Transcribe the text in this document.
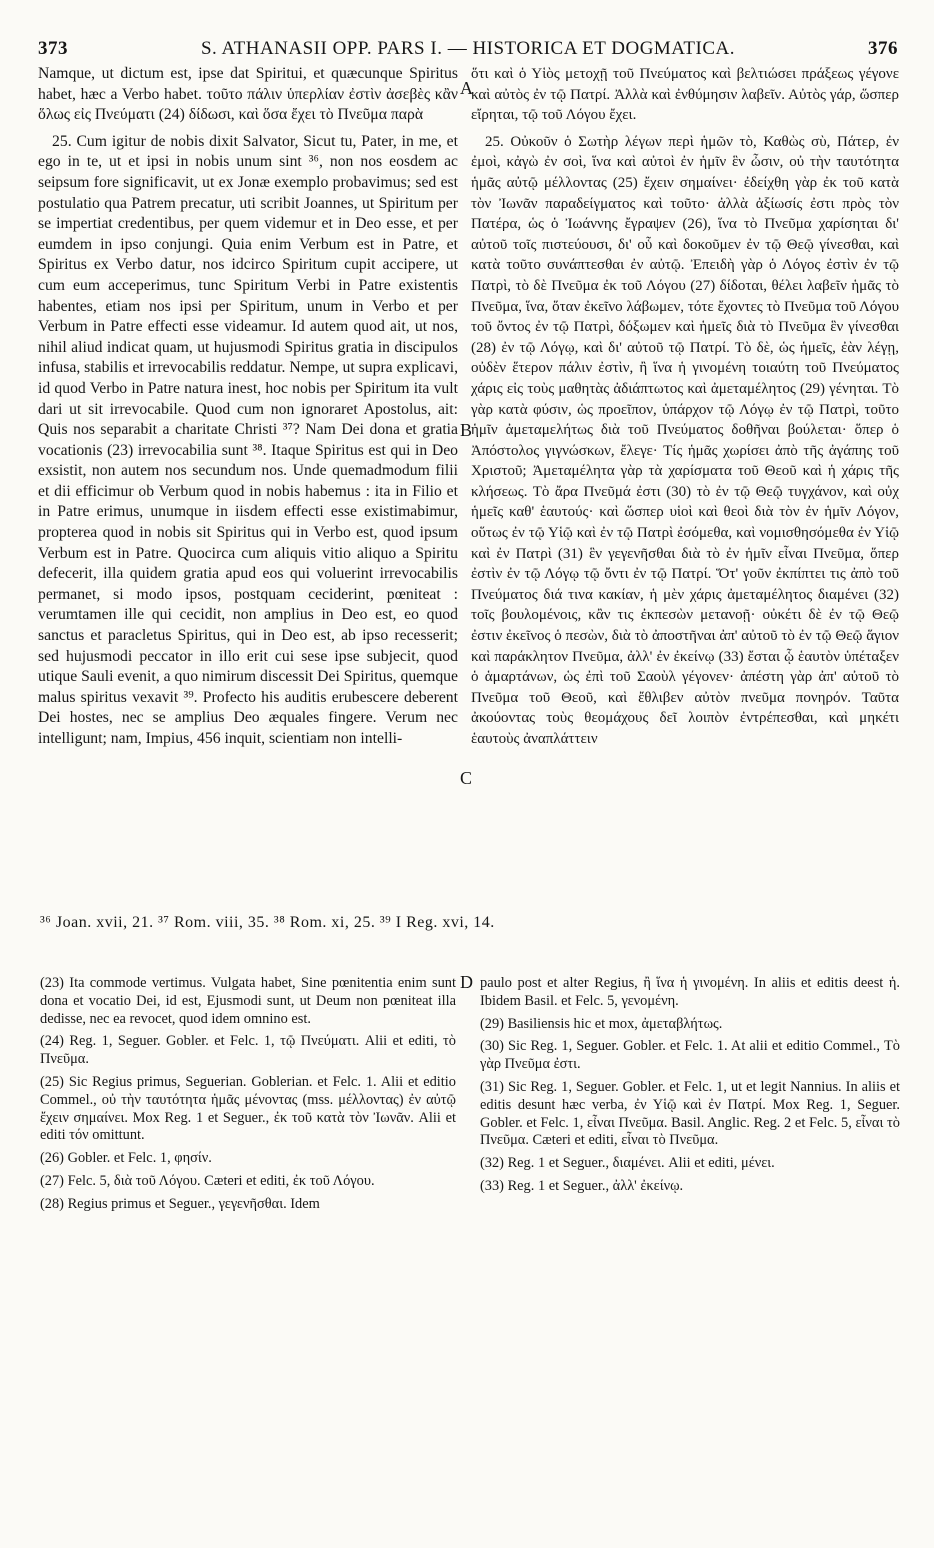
373	S. ATHANASII OPP. PARS I. — HISTORICA ET DOGMATICA.	376

Namque, ut dictum est, ipse dat Spiritui, et quæcunque Spiritus habet, hæc a Verbo habet. τοῦτο πάλιν ὑπερλίαν ἐστὶν ἀσεβὲς κἂν ὅλως εἰς Πνεύματι (24) δίδωσι, καὶ ὅσα ἔχει τὸ Πνεῦμα παρὰ

25. Cum igitur de nobis dixit Salvator, Sicut tu, Pater, in me, et ego in te, ut et ipsi in nobis unum sint ³⁶, non nos eosdem ac seipsum fore significavit, ut ex Jonæ exemplo probavimus; sed est postulatio qua Patrem precatur, uti scribit Joannes, ut Spiritum per se impertiat credentibus, per quem videmur et in Deo esse, et per eumdem in ipso conjungi. Quia enim Verbum est in Patre, et Spiritus ex Verbo datur, nos idcirco Spiritum cupit accipere, ut cum eum acceperimus, tunc Spiritum Verbi in Patre existentis habentes, etiam nos ipsi per Spiritum, unum in Verbo et per Verbum in Patre effecti esse videamur. Id autem quod ait, ut nos, nihil aliud indicat quam, ut hujusmodi Spiritus gratia in discipulos infusa, stabilis et irrevocabilis reddatur. Nempe, ut supra explicavi, id quod Verbo in Patre natura inest, hoc nobis per Spiritum ita vult dari ut sit irrevocabile. Quod cum non ignoraret Apostolus, ait: Quis nos separabit a charitate Christi ³⁷? Nam Dei dona et gratia vocationis (23) irrevocabilia sunt ³⁸. Itaque Spiritus est qui in Deo exsistit, non autem nos secundum nos. Unde quemadmodum filii et dii efficimur ob Verbum quod in nobis habemus : ita in Filio et in Patre erimus, unumque in iisdem effecti esse existimabimur, propterea quod in nobis sit Spiritus qui in Verbo est, quod ipsum Verbum est in Patre. Quocirca cum aliquis vitio aliquo a Spiritu defecerit, illa quidem gratia apud eos qui voluerint irrevocabilis permanet, si modo ipsos, postquam ceciderint, pœniteat : verumtamen ille qui cecidit, non amplius in Deo est, eo quod sanctus et paracletus Spiritus, qui in Deo est, ab ipso recesserit; sed hujusmodi peccator in illo erit cui sese ipse subjecit, quod utique Sauli evenit, a quo nimirum discessit Dei Spiritus, quemque malus spiritus vexavit ³⁹. Profecto his auditis erubescere deberent Dei hostes, nec se amplius Deo æquales fingere. Verum nec intelligunt; nam, Impius, 456 inquit, scientiam non intelli-

A
B
C
D

ὅτι καὶ ὁ Υἱὸς μετοχῇ τοῦ Πνεύματος καὶ βελτιώσει πράξεως γέγονε καὶ αὐτὸς ἐν τῷ Πατρί. Ἀλλὰ καὶ ἐνθύμησιν λαβεῖν. Αὐτὸς γάρ, ὥσπερ εἴρηται, τῷ τοῦ Λόγου ἔχει.

25. Οὐκοῦν ὁ Σωτὴρ λέγων περὶ ἡμῶν τὸ, Καθὼς σὺ, Πάτερ, ἐν ἐμοὶ, κἀγὼ ἐν σοὶ, ἵνα καὶ αὐτοὶ ἐν ἡμῖν ἓν ὦσιν, οὐ τὴν ταυτότητα ἡμᾶς αὐτῷ μέλλοντας (25) ἔχειν σημαίνει· ἐδείχθη γὰρ ἐκ τοῦ κατὰ τὸν Ἰωνᾶν παραδείγματος καὶ τοῦτο· ἀλλὰ ἀξίωσίς ἐστι πρὸς τὸν Πατέρα, ὡς ὁ Ἰωάννης ἔγραψεν (26), ἵνα τὸ Πνεῦμα χαρίσηται δι' αὐτοῦ τοῖς πιστεύουσι, δι' οὗ καὶ δοκοῦμεν ἐν τῷ Θεῷ γίνεσθαι, καὶ κατὰ τοῦτο συνάπτεσθαι ἐν αὐτῷ. Ἐπειδὴ γὰρ ὁ Λόγος ἐστὶν ἐν τῷ Πατρὶ, τὸ δὲ Πνεῦμα ἐκ τοῦ Λόγου (27) δίδοται, θέλει λαβεῖν ἡμᾶς τὸ Πνεῦμα, ἵνα, ὅταν ἐκεῖνο λάβωμεν, τότε ἔχοντες τὸ Πνεῦμα τοῦ Λόγου τοῦ ὄντος ἐν τῷ Πατρὶ, δόξωμεν καὶ ἡμεῖς διὰ τὸ Πνεῦμα ἓν γίνεσθαι (28) ἐν τῷ Λόγῳ, καὶ δι' αὐτοῦ τῷ Πατρί. Τὸ δὲ, ὡς ἡμεῖς, ἐὰν λέγῃ, οὐδὲν ἕτερον πάλιν ἐστὶν, ἢ ἵνα ἡ γινομένη τοιαύτη τοῦ Πνεύματος χάρις εἰς τοὺς μαθητὰς ἀδιάπτωτος καὶ ἀμεταμέλητος (29) γένηται. Τὸ γὰρ κατὰ φύσιν, ὡς προεῖπον, ὑπάρχον τῷ Λόγῳ ἐν τῷ Πατρὶ, τοῦτο ἡμῖν ἀμεταμελήτως διὰ τοῦ Πνεύματος δοθῆναι βούλεται· ὅπερ ὁ Ἀπόστολος γιγνώσκων, ἔλεγε· Τίς ἡμᾶς χωρίσει ἀπὸ τῆς ἀγάπης τοῦ Χριστοῦ; Ἀμεταμέλητα γὰρ τὰ χαρίσματα τοῦ Θεοῦ καὶ ἡ χάρις τῆς κλήσεως. Τὸ ἄρα Πνεῦμά ἐστι (30) τὸ ἐν τῷ Θεῷ τυγχάνον, καὶ οὐχ ἡμεῖς καθ' ἑαυτούς· καὶ ὥσπερ υἱοὶ καὶ θεοὶ διὰ τὸν ἐν ἡμῖν Λόγον, οὕτως ἐν τῷ Υἱῷ καὶ ἐν τῷ Πατρὶ ἐσόμεθα, καὶ νομισθησόμεθα ἐν Υἱῷ καὶ ἐν Πατρὶ (31) ἓν γεγενῆσθαι διὰ τὸ ἐν ἡμῖν εἶναι Πνεῦμα, ὅπερ ἐστὶν ἐν τῷ Λόγῳ τῷ ὄντι ἐν τῷ Πατρί. Ὅτ' γοῦν ἐκπίπτει τις ἀπὸ τοῦ Πνεύματος διά τινα κακίαν, ἡ μὲν χάρις ἀμεταμέλητος διαμένει (32) τοῖς βουλομένοις, κἂν τις ἐκπεσὼν μετανοῇ· οὐκέτι δὲ ἐν τῷ Θεῷ ἐστιν ἐκεῖνος ὁ πεσὼν, διὰ τὸ ἀποστῆναι ἀπ' αὐτοῦ τὸ ἐν τῷ Θεῷ ἅγιον καὶ παράκλητον Πνεῦμα, ἀλλ' ἐν ἐκείνῳ (33) ἔσται ᾧ ἑαυτὸν ὑπέταξεν ὁ ἁμαρτάνων, ὡς ἐπὶ τοῦ Σαοὺλ γέγονεν· ἀπέστη γὰρ ἀπ' αὐτοῦ τὸ Πνεῦμα τοῦ Θεοῦ, καὶ ἔθλιβεν αὐτὸν πνεῦμα πονηρόν. Ταῦτα ἀκούοντας τοὺς θεομάχους δεῖ λοιπὸν ἐντρέπεσθαι, καὶ μηκέτι ἑαυτοὺς ἀναπλάττειν

³⁶ Joan. xvii, 21. ³⁷ Rom. viii, 35. ³⁸ Rom. xi, 25. ³⁹ I Reg. xvi, 14.

(23) Ita commode vertimus. Vulgata habet, Sine pœnitentia enim sunt dona et vocatio Dei, id est, Ejusmodi sunt, ut Deum non pœniteat illa dedisse, nec ea revocet, quod idem omnino est.

(24) Reg. 1, Seguer. Gobler. et Felc. 1, τῷ Πνεύματι. Alii et editi, τὸ Πνεῦμα.

(25) Sic Regius primus, Seguerian. Goblerian. et Felc. 1. Alii et editio Commel., οὐ τὴν ταυτότητα ἡμᾶς μένοντας (mss. μέλλοντας) ἐν αὐτῷ ἔχειν σημαίνει. Mox Reg. 1 et Seguer., ἐκ τοῦ κατὰ τὸν Ἰωνᾶν. Alii et editi τόν omittunt.

(26) Gobler. et Felc. 1, φησίν.

(27) Felc. 5, διὰ τοῦ Λόγου. Cæteri et editi, ἐκ τοῦ Λόγου.

(28) Regius primus et Seguer., γεγενῆσθαι. Idem

paulo post et alter Regius, ἢ ἵνα ἡ γινομένη. In aliis et editis deest ἡ. Ibidem Basil. et Felc. 5, γενομένη.

(29) Basiliensis hic et mox, ἀμεταβλήτως.

(30) Sic Reg. 1, Seguer. Gobler. et Felc. 1. At alii et editio Commel., Τὸ γὰρ Πνεῦμα ἐστι.

(31) Sic Reg. 1, Seguer. Gobler. et Felc. 1, ut et legit Nannius. In aliis et editis desunt hæc verba, ἐν Υἱῷ καὶ ἐν Πατρί. Mox Reg. 1, Seguer. Gobler. et Felc. 1, εἶναι Πνεῦμα. Basil. Anglic. Reg. 2 et Felc. 5, εἶναι τὸ Πνεῦμα. Cæteri et editi, εἶναι τὸ Πνεῦμα.

(32) Reg. 1 et Seguer., διαμένει. Alii et editi, μένει.

(33) Reg. 1 et Seguer., ἀλλ' ἐκείνῳ.
